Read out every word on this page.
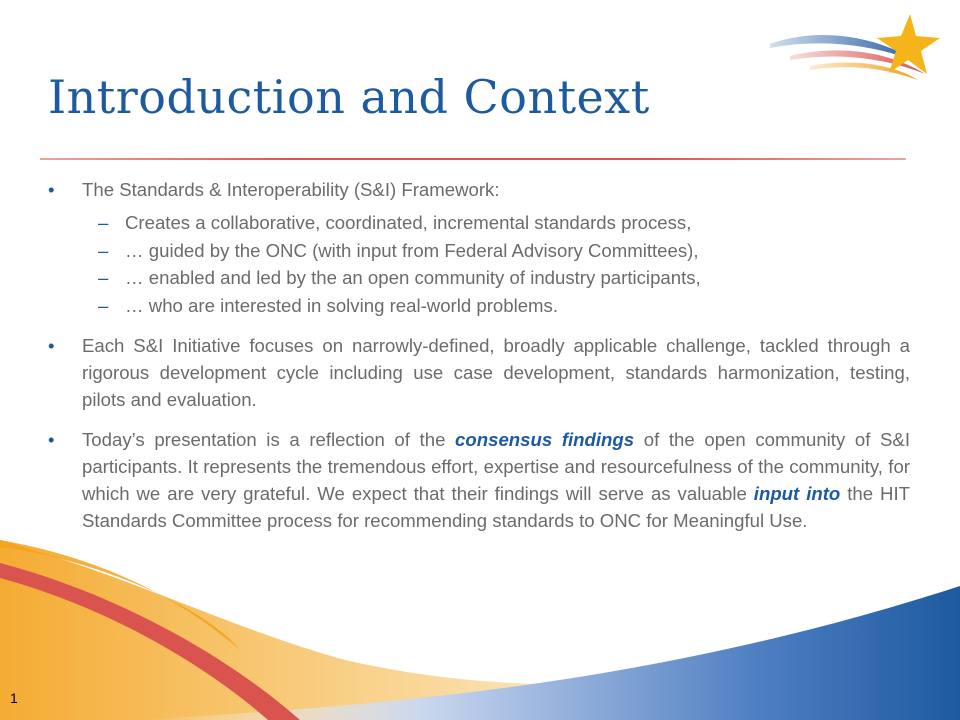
Introduction and Context
• The Standards & Interoperability (S&I) Framework:
– Creates a collaborative, coordinated, incremental standards process,
– … guided by the ONC (with input from Federal Advisory Committees),
– … enabled and led by the an open community of industry participants,
– … who are interested in solving real-world problems.
• Each S&I Initiative focuses on narrowly-defined, broadly applicable challenge, tackled through a rigorous development cycle including use case development, standards harmonization, testing, pilots and evaluation.
• Today’s presentation is a reflection of the consensus findings of the open community of S&I participants. It represents the tremendous effort, expertise and resourcefulness of the community, for which we are very grateful. We expect that their findings will serve as valuable input into the HIT Standards Committee process for recommending standards to ONC for Meaningful Use.
1
